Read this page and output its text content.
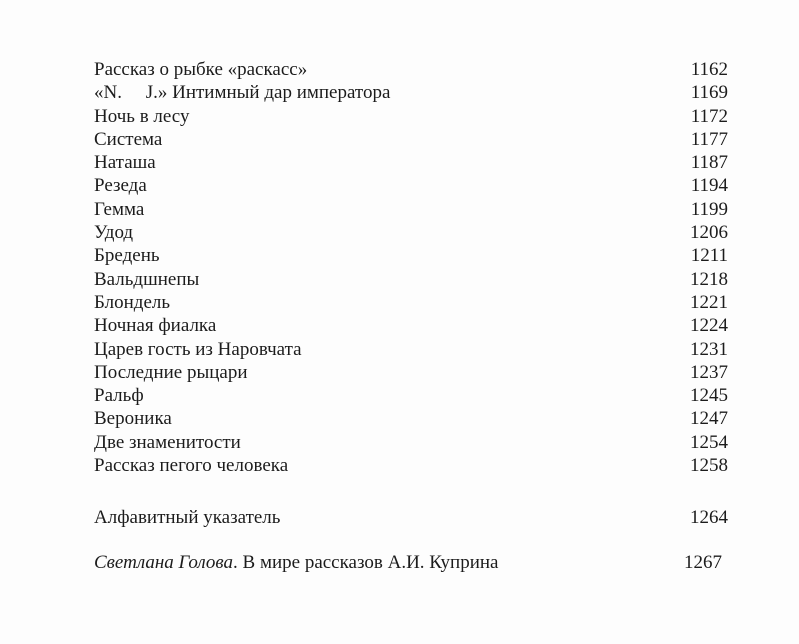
Рассказ о рыбке «раскасс»	1162
«N.     J.» Интимный дар императора	1169
Ночь в лесу	1172
Система	1177
Наташа	1187
Резеда	1194
Гемма	1199
Удод	1206
Бредень	1211
Вальдшнепы	1218
Блондель	1221
Ночная фиалка	1224
Царев гость из Наровчата	1231
Последние рыцари	1237
Ральф	1245
Вероника	1247
Две знаменитости	1254
Рассказ пегого человека	1258
Алфавитный указатель	1264
Светлана Голова. В мире рассказов А.И. Куприна	1267
